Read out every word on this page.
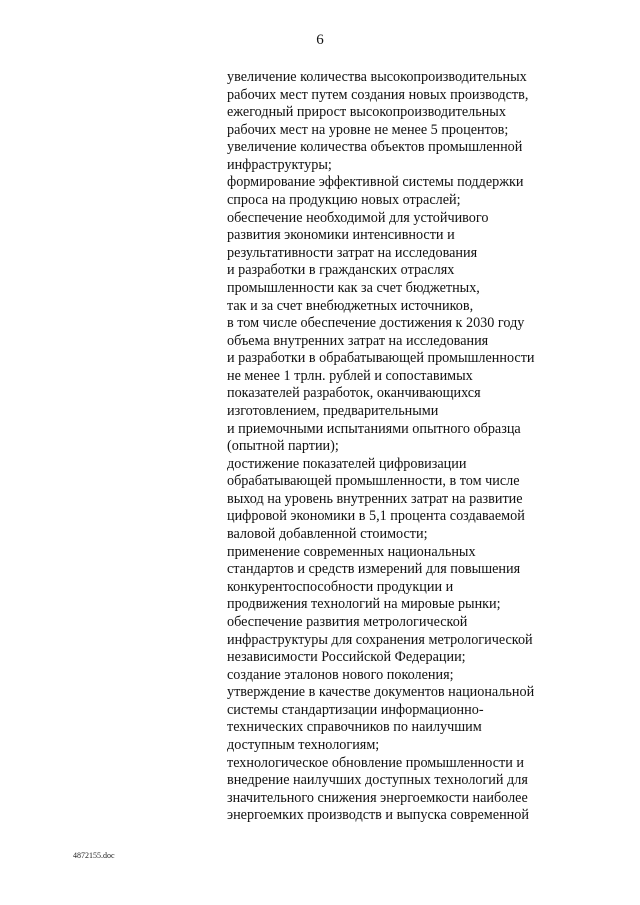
6
увеличение количества высокопроизводительных
рабочих мест путем создания новых производств,
ежегодный прирост высокопроизводительных
рабочих мест на уровне не менее 5 процентов;
увеличение количества объектов промышленной
инфраструктуры;
формирование эффективной системы поддержки
спроса на продукцию новых отраслей;
обеспечение необходимой для устойчивого
развития экономики интенсивности и
результативности затрат на исследования
и разработки в гражданских отраслях
промышленности как за счет бюджетных,
так и за счет внебюджетных источников,
в том числе обеспечение достижения к 2030 году
объема внутренних затрат на исследования
и разработки в обрабатывающей промышленности
не менее 1 трлн. рублей и сопоставимых
показателей разработок, оканчивающихся
изготовлением, предварительными
и приемочными испытаниями опытного образца
(опытной партии);
достижение показателей цифровизации
обрабатывающей промышленности, в том числе
выход на уровень внутренних затрат на развитие
цифровой экономики в 5,1 процента создаваемой
валовой добавленной стоимости;
применение современных национальных
стандартов и средств измерений для повышения
конкурентоспособности продукции и
продвижения технологий на мировые рынки;
обеспечение развития метрологической
инфраструктуры для сохранения метрологической
независимости Российской Федерации;
создание эталонов нового поколения;
утверждение в качестве документов национальной
системы стандартизации информационно-
технических справочников по наилучшим
доступным технологиям;
технологическое обновление промышленности и
внедрение наилучших доступных технологий для
значительного снижения энергоемкости наиболее
энергоемких производств и выпуска современной
4872155.doc
